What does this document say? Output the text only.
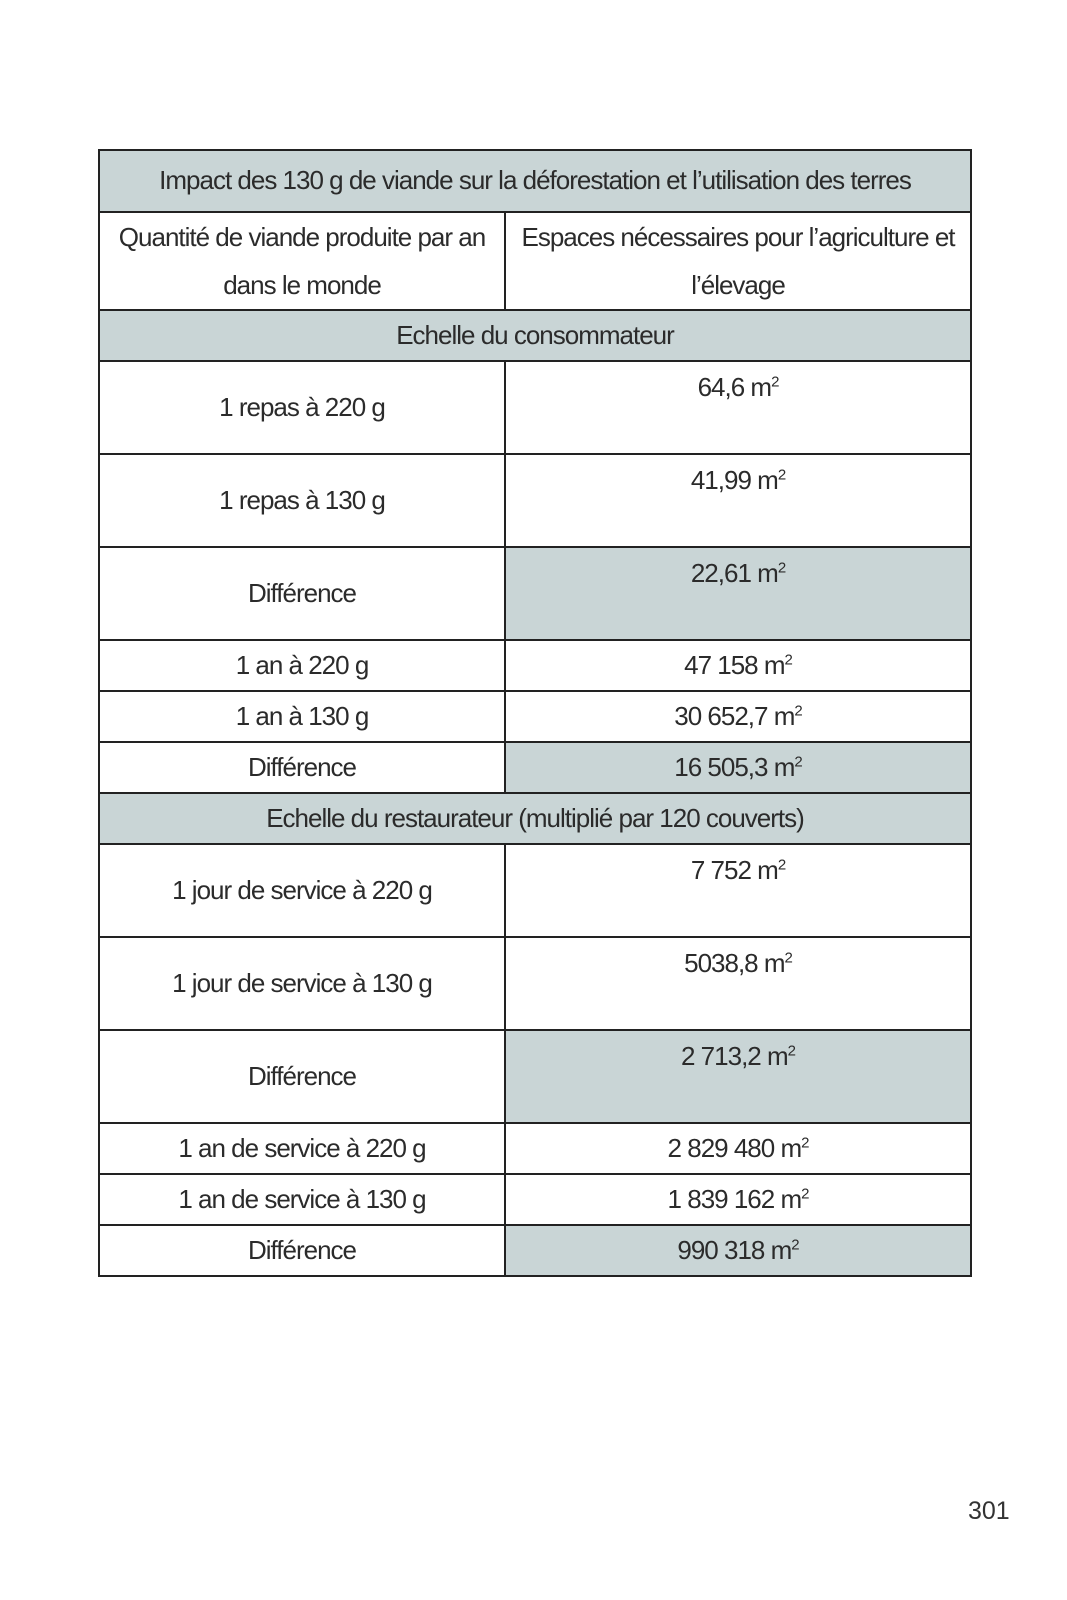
Impact des 130 g de viande sur la déforestation et l’utilisation des terres	
Quantité de viande produite par an dans le monde	Espaces nécessaires pour l’agriculture et l’élevage
Echelle du consommateur	
1 repas à 220 g	64,6 $m^2$
1 repas à 130 g	41,99 $m^2$
Différence	22,61 $m^2$
1 an à 220 g	47 158 $m^2$
1 an à 130 g	30 652,7 $m^2$
Différence	16 505,3 $m^2$
Echelle du restaurateur (multiplié par 120 couverts)	
1 jour de service à 220 g	7 752 $m^2$
1 jour de service à 130 g	5038,8 $m^2$
Différence	2 713,2 $m^2$
1 an de service à 220 g	2 829 480 $m^2$
1 an de service à 130 g	1 839 162 $m^2$
Différence	990 318 $m^2$
301
